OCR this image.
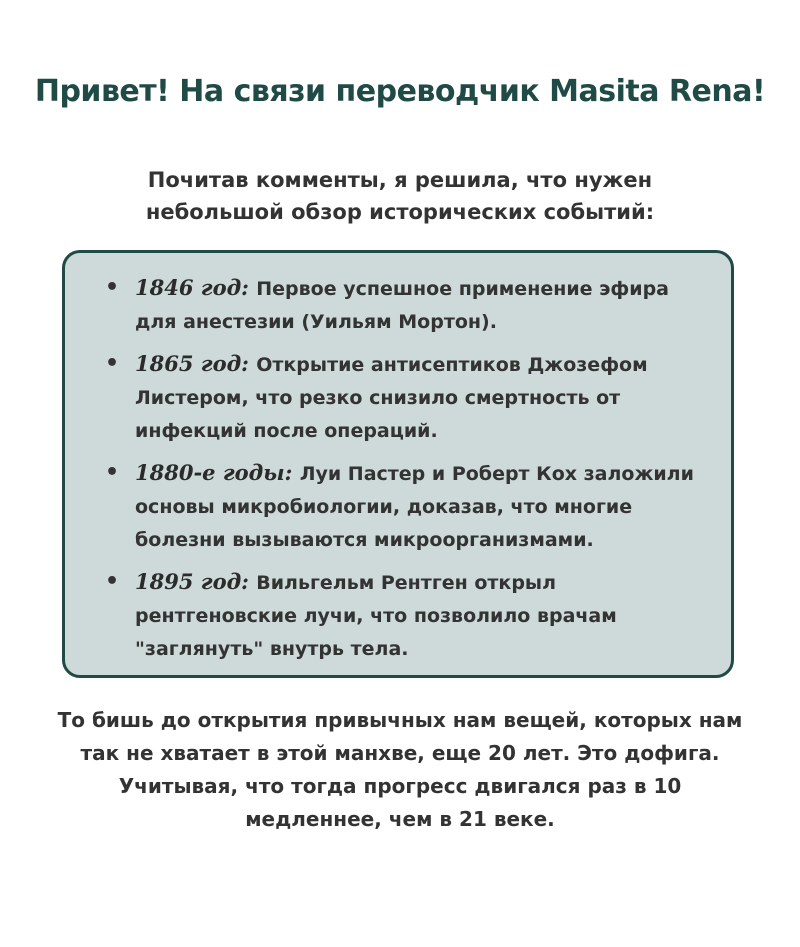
Привет! На связи переводчик Masita Rena!
Почитав комменты, я решила, что нужен небольшой обзор исторических событий:
• 1846 год: Первое успешное применение эфира для анестезии (Уильям Мортон).
• 1865 год: Открытие антисептиков Джозефом Листером, что резко снизило смертность от инфекций после операций.
• 1880-е годы: Луи Пастер и Роберт Кох заложили основы микробиологии, доказав, что многие болезни вызываются микроорганизмами.
• 1895 год: Вильгельм Рентген открыл рентгеновские лучи, что позволило врачам "заглянуть" внутрь тела.
То бишь до открытия привычных нам вещей, которых нам так не хватает в этой манхве, еще 20 лет. Это дофига. Учитывая, что тогда прогресс двигался раз в 10 медленнее, чем в 21 веке.
